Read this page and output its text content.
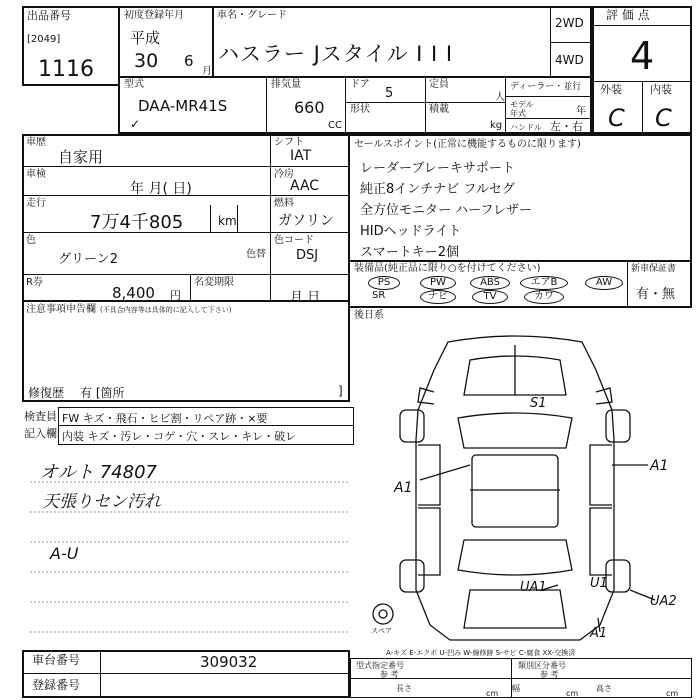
出品番号
[2049]
1116
初度登録年月
平成
30 6
月
車名・グレード
ハスラー Jスタイル I I I
2WD
4WD
評 価 点
4
外装	内装
C C
型式
DAA-MR41S
✓
排気量
660
CC
ドア
5
形状
定員
人
積載
kg
ディーラー・並行
モデル 年式	年
ハンドル 左・右
車歴
自家用
車検
年 月( 日)
走行
7万4千805	km
色
グリーン2	色替
R券
8,400 円
名変期限
月 日
シフト
IAT
冷房
AAC
燃料
ガソリン
色コード
DSJ
セールスポイント(正常に機能するものに限ります)
レーダーブレーキサポート
純正8インチナビ フルセグ
全方位モニター ハーフレザー
HIDヘッドライト
スマートキー2個
装備品(純正品に限り○を付けてください)
PS	PW	ABS	エアB	AW
SR	ナビ	TV	カワ
新車保証書
有・無
後日系
注意事項申告欄 (不具合内容等は具体的に記入して下さい)
修復歴 有 [箇所	]
検査員
記入欄
FW キズ・飛石・ヒビ割・リペア跡・×要
内装 キズ・汚レ・コゲ・穴・スレ・キレ・破レ
オルト 74807
天張りセン汚れ
A-U
S1
A1
A1
UA1	U1
UA2
A1
スペア
A-キズ E-エクボ U-凹み W-線修跡 S-サビ C-腐食 XX-交換済
車台番号	309032
登録番号
型式指定番号
参 考
類別区分番号
参 考
長さ
cm
幅
cm
高さ
cm
